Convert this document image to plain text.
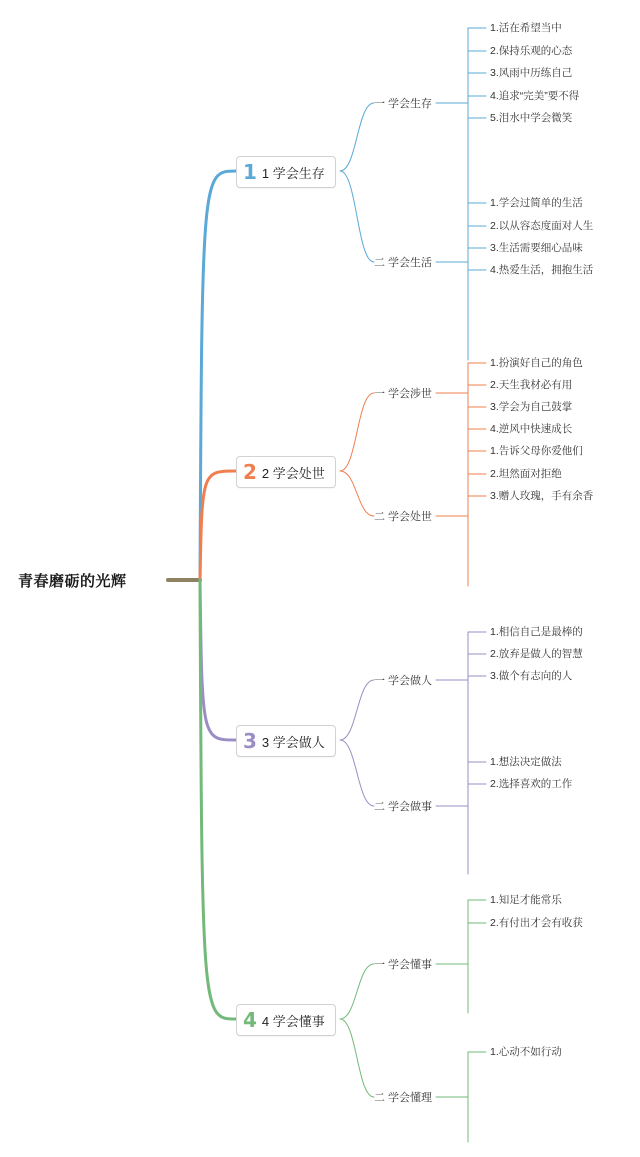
青春磨砺的光辉
1 1 学会生存
一 学会生存
1.活在希望当中
2.保持乐观的心态
3.风雨中历练自己
4.追求“完美”要不得
5.泪水中学会微笑
二 学会生活
1.学会过简单的生活
2.以从容态度面对人生
3.生活需要细心品味
4.热爱生活，拥抱生活
2 2 学会处世
一 学会涉世
1.扮演好自己的角色
2.天生我材必有用
3.学会为自己鼓掌
4.逆风中快速成长
二 学会处世
1.告诉父母你爱他们
2.坦然面对拒绝
3.赠人玫瑰，手有余香
3 3 学会做人
一 学会做人
1.相信自己是最棒的
2.放弃是做人的智慧
3.做个有志向的人
二 学会做事
1.想法决定做法
2.选择喜欢的工作
4 4 学会懂事
一 学会懂事
1.知足才能常乐
2.有付出才会有收获
二 学会懂理
1.心动不如行动
